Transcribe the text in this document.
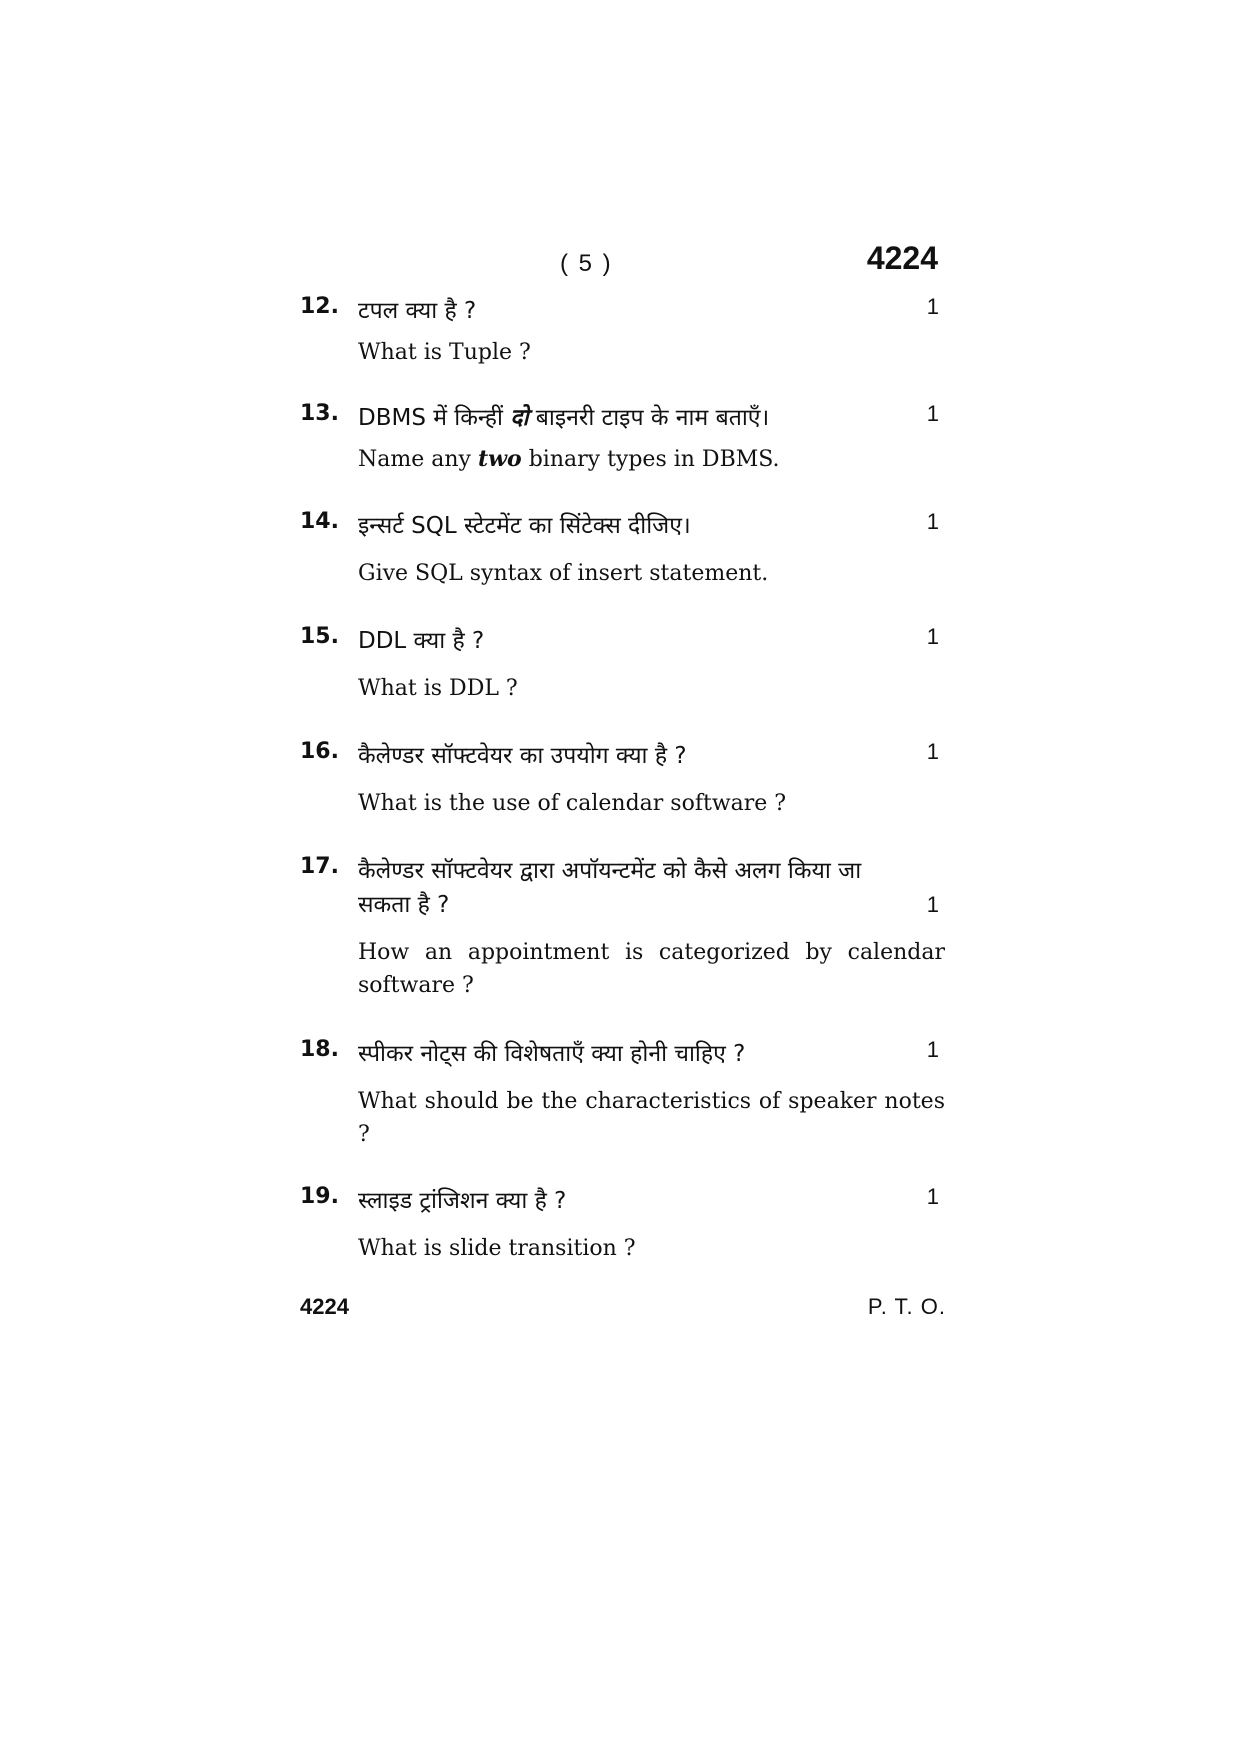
( 5 )	4224
12.	1
टपल क्या है ?
What is Tuple ?
13.	1
DBMS में किन्हीं दो बाइनरी टाइप के नाम बताएँ।
Name any two binary types in DBMS.
14.	1
इन्सर्ट SQL स्टेटमेंट का सिंटेक्स दीजिए।
Give SQL syntax of insert statement.
15.	1
DDL क्या है ?
What is DDL ?
16.	1
कैलेण्डर सॉफ्टवेयर का उपयोग क्या है ?
What is the use of calendar software ?
17. कैलेण्डर सॉफ्टवेयर द्वारा अपॉयन्टमेंट को कैसे अलग किया जा
सकता है ?	1
How an appointment is categorized by calendar software ?
18.	1
स्पीकर नोट्स की विशेषताएँ क्या होनी चाहिए ?
What should be the characteristics of speaker notes ?
19.	1
स्लाइड ट्रांजिशन क्या है ?
What is slide transition ?
4224	P. T. O.
